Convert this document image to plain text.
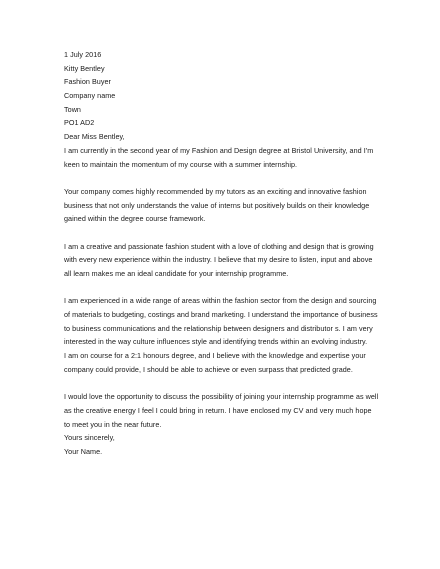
1 July 2016
Kitty Bentley
Fashion Buyer
Company name
Town
PO1 AD2
Dear Miss Bentley,
I am currently in the second year of my Fashion and Design degree at Bristol University, and I'm
keen to maintain the momentum of my course with a summer internship.
Your company comes highly recommended by my tutors as an exciting and innovative fashion
business that not only understands the value of interns but positively builds on their knowledge
gained within the degree course framework.
I am a creative and passionate fashion student with a love of clothing and design that is growing
with every new experience within the industry. I believe that my desire to listen, input and above
all learn makes me an ideal candidate for your internship programme.
I am experienced in a wide range of areas within the fashion sector from the design and sourcing
of materials to budgeting, costings and brand marketing. I understand the importance of business
to business communications and the relationship between designers and distributor s. I am very
interested in the way culture influences style and identifying trends within an evolving industry.
I am on course for a 2:1 honours degree, and I believe with the knowledge and expertise your
company could provide, I should be able to achieve or even surpass that predicted grade.
I would love the opportunity to discuss the possibility of joining your internship programme as well
as the creative energy I feel I could bring in return. I have enclosed my CV and very much hope
to meet you in the near future.
Yours sincerely,
Your Name.
